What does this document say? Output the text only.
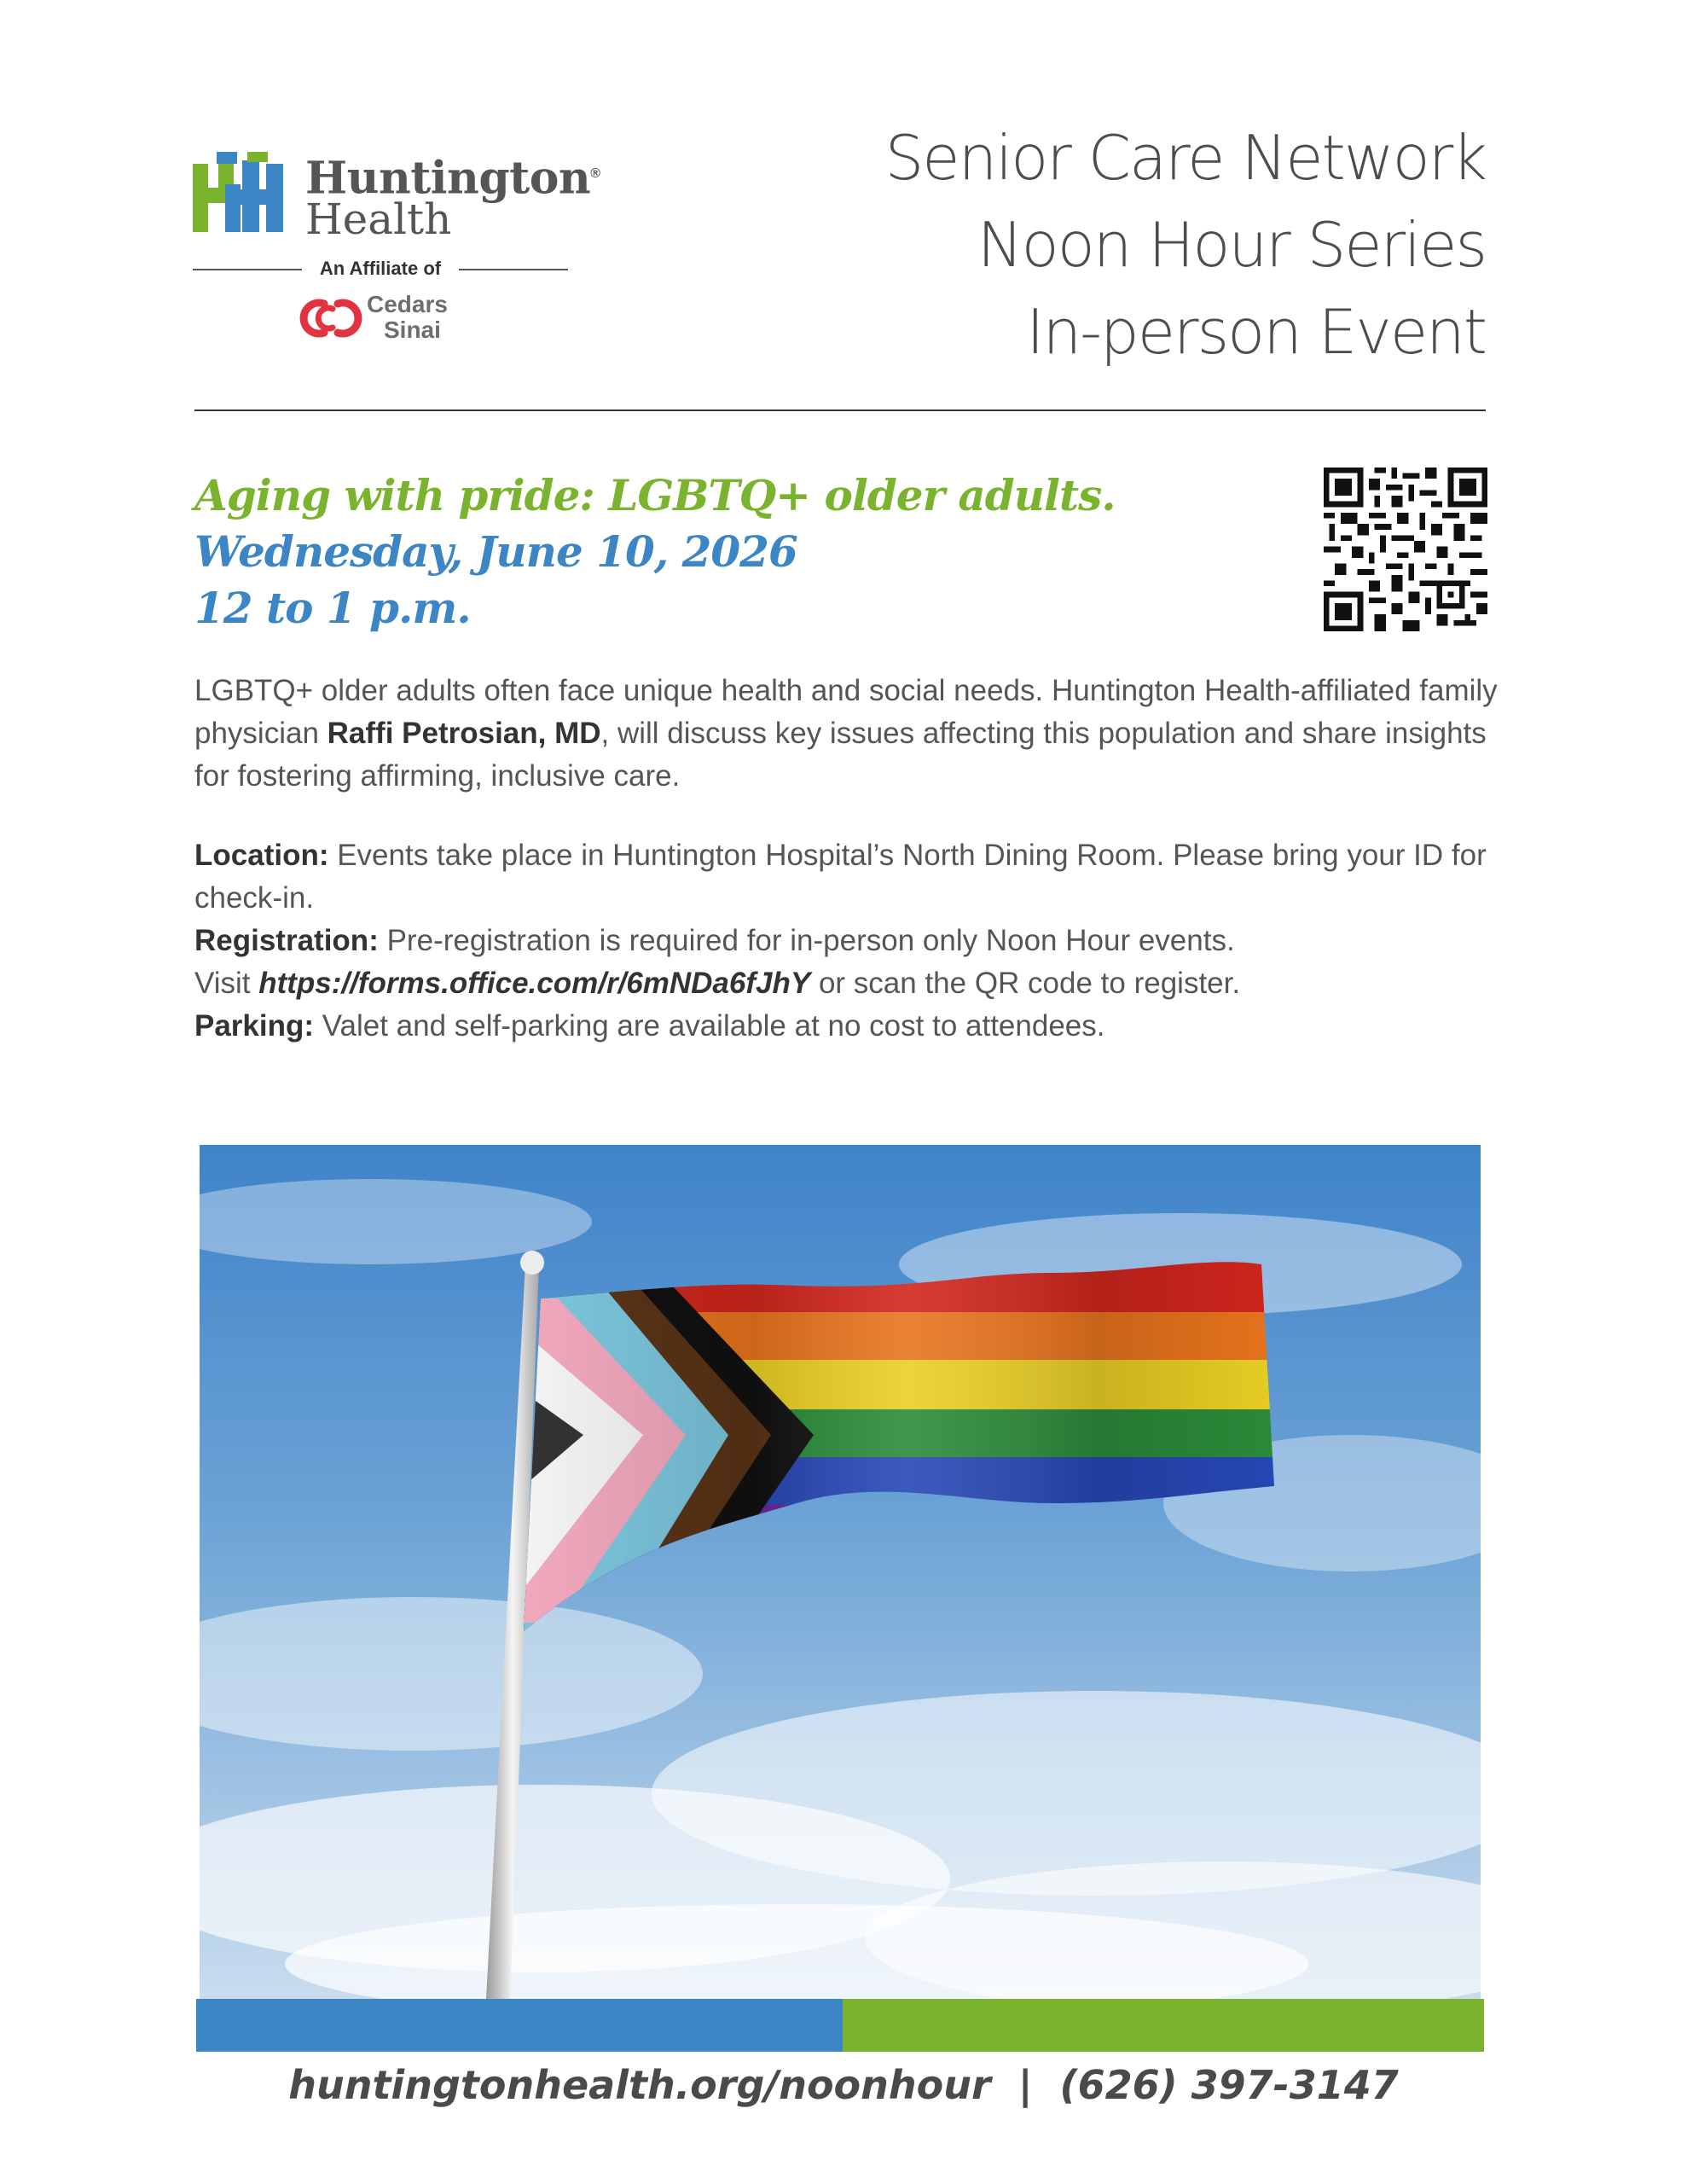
Huntington®
Health
An Affiliate of
Cedars
Sinai
Senior Care Network
Noon Hour Series
In-person Event
Aging with pride: LGBTQ+ older adults.
Wednesday, June 10, 2026
12 to 1 p.m.
LGBTQ+ older adults often face unique health and social needs. Huntington Health-affiliated family physician Raffi Petrosian, MD, will discuss key issues affecting this population and share insights for fostering affirming, inclusive care.

Location: Events take place in Huntington Hospital’s North Dining Room. Please bring your ID for check-in.

Registration: Pre-registration is required for in-person only Noon Hour events.

Visit https://forms.office.com/r/6mNDa6fJhY or scan the QR code to register.

Parking: Valet and self-parking are available at no cost to attendees.

huntingtonhealth.org/noonhour  |  (626) 397-3147
